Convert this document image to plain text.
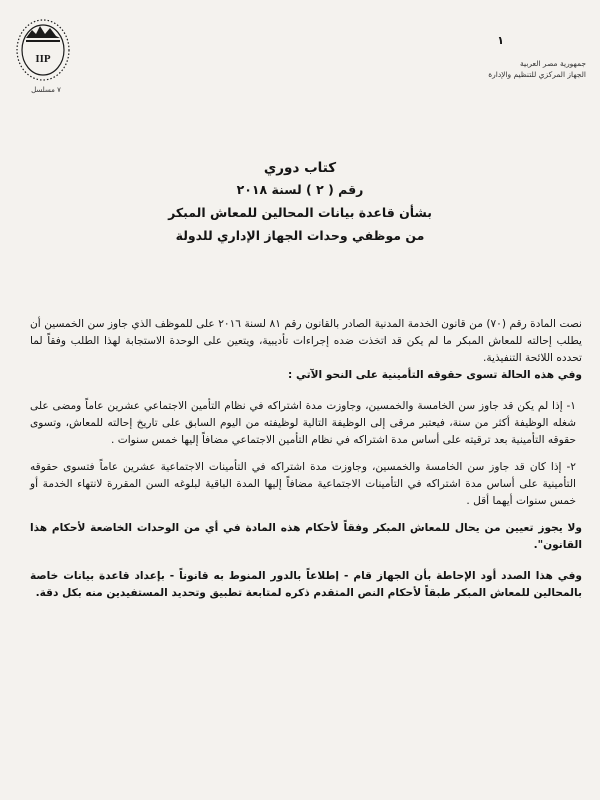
IIP
٧ مسلسل
١
جمهورية مصر العربية
الجهاز المركزي للتنظيم والإدارة
كتاب دوري
رقم ( ٢ ) لسنة ٢٠١٨
بشأن قاعدة بيانات المحالين للمعاش المبكر
من موظفي وحدات الجهاز الإداري للدولة

نصت المادة رقم (٧٠) من قانون الخدمة المدنية الصادر بالقانون رقم ٨١ لسنة ٢٠١٦ على للموظف الذي جاوز سن الخمسين أن يطلب إحالته للمعاش المبكر ما لم يكن قد اتخذت ضده إجراءات تأديبية، ويتعين على الوحدة الاستجابة لهذا الطلب وفقاً لما تحدده اللائحة التنفيذية.

وفي هذه الحالة تسوى حقوقه التأمينية على النحو الآتي :

١- إذا لم يكن قد جاوز سن الخامسة والخمسين، وجاوزت مدة اشتراكه في نظام التأمين الاجتماعي عشرين عاماً ومضى على شغله الوظيفة أكثر من سنة، فيعتبر مرقى إلى الوظيفة التالية لوظيفته من اليوم السابق على تاريخ إحالته للمعاش، وتسوى حقوقه التأمينية بعد ترقيته على أساس مدة اشتراكه في نظام التأمين الاجتماعي مضافاً إليها خمس سنوات .

٢- إذا كان قد جاوز سن الخامسة والخمسين، وجاوزت مدة اشتراكه في التأمينات الاجتماعية عشرين عاماً فتسوى حقوقه التأمينية على أساس مدة اشتراكه في التأمينات الاجتماعية مضافاً إليها المدة الباقية لبلوغه السن المقررة لانتهاء الخدمة أو خمس سنوات أيهما أقل .

ولا يجوز تعيين من يحال للمعاش المبكر وفقاً لأحكام هذه المادة في أي من الوحدات الخاضعة لأحكام هذا القانون".

وفي هذا الصدد أود الإحاطة بأن الجهاز قام - إطلاعاً بالدور المنوط به قانوناً - بإعداد قاعدة بيانات خاصة بالمحالين للمعاش المبكر طبقاً لأحكام النص المتقدم ذكره لمتابعة تطبيق وتحديد المستفيدين منه بكل دقة.
